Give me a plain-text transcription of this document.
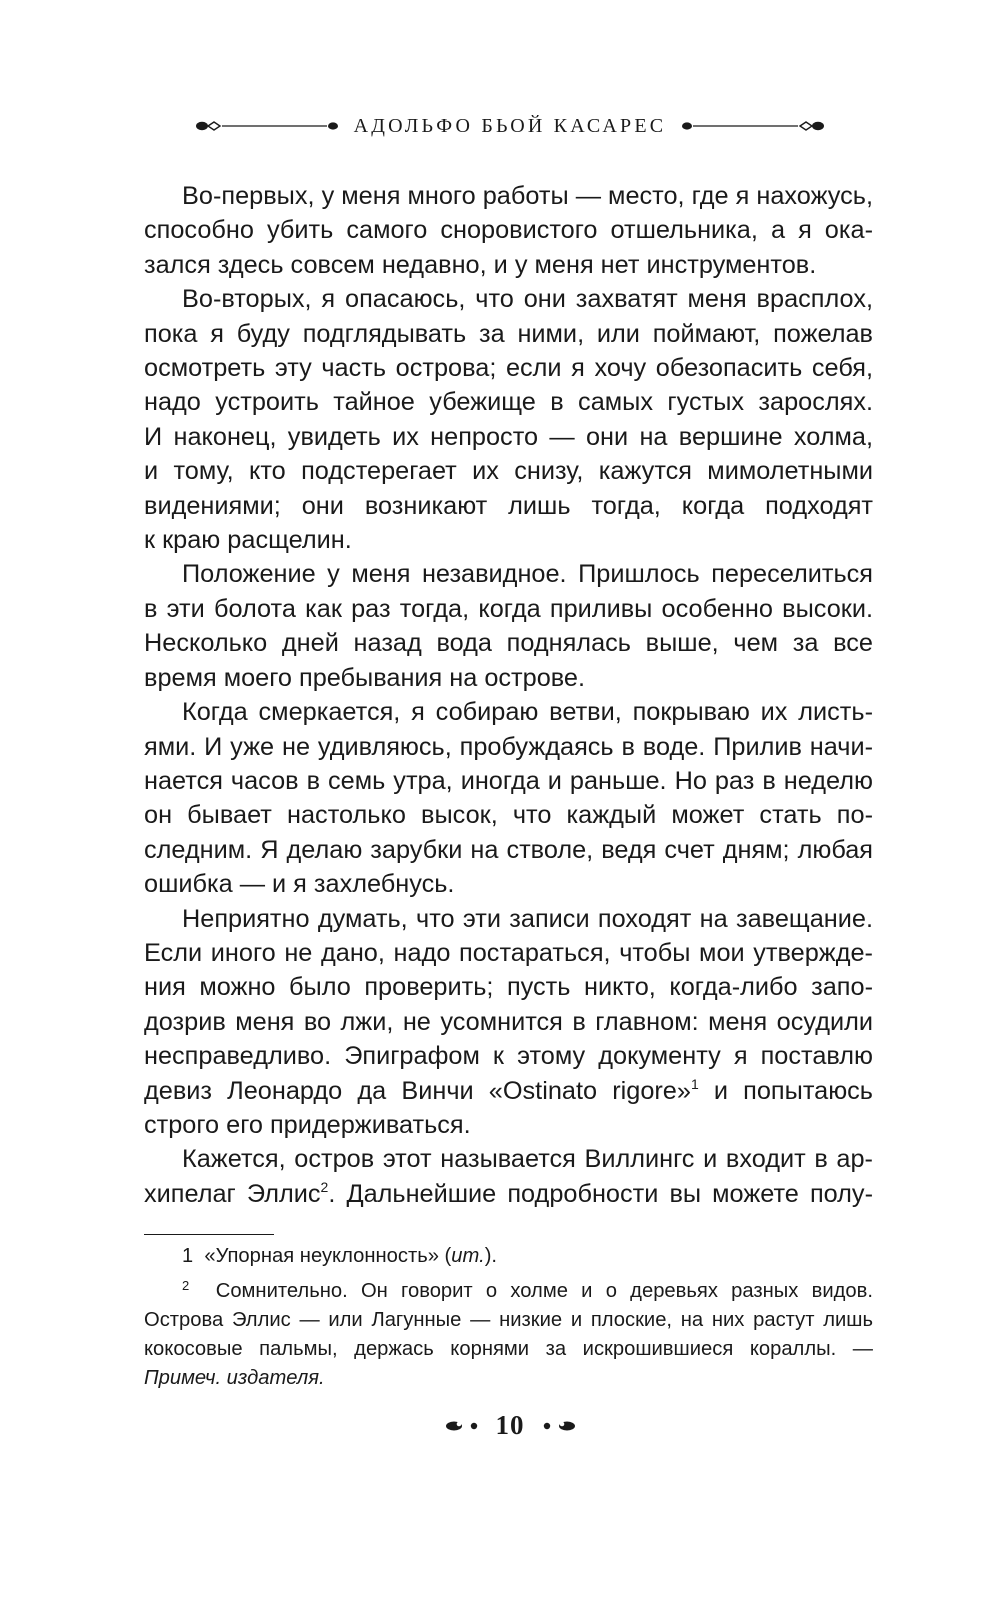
АДОЛЬФО БЬОЙ КАСАРЕС

Во-первых, у меня много работы — место, где я нахожусь,
способно убить самого сноровистого отшельника, а я ока-
зался здесь совсем недавно, и у меня нет инструментов.

Во-вторых, я опасаюсь, что они захватят меня врасплох,
пока я буду подглядывать за ними, или поймают, пожелав
осмотреть эту часть острова; если я хочу обезопасить себя,
надо устроить тайное убежище в самых густых зарослях.
И наконец, увидеть их непросто — они на вершине холма,
и тому, кто подстерегает их снизу, кажутся мимолетными
видениями; они возникают лишь тогда, когда подходят
к краю расщелин.

Положение у меня незавидное. Пришлось переселиться
в эти болота как раз тогда, когда приливы особенно высоки.
Несколько дней назад вода поднялась выше, чем за все
время моего пребывания на острове.

Когда смеркается, я собираю ветви, покрываю их листь-
ями. И уже не удивляюсь, пробуждаясь в воде. Прилив начи-
нается часов в семь утра, иногда и раньше. Но раз в неделю
он бывает настолько высок, что каждый может стать по-
следним. Я делаю зарубки на стволе, ведя счет дням; любая
ошибка — и я захлебнусь.

Неприятно думать, что эти записи походят на завещание.
Если иного не дано, надо постараться, чтобы мои утвержде-
ния можно было проверить; пусть никто, когда-либо запо-
дозрив меня во лжи, не усомнится в главном: меня осудили
несправедливо. Эпиграфом к этому документу я поставлю
девиз Леонардо да Винчи «Ostinato rigore»$^1$ и попытаюсь
строго его придерживаться.

Кажется, остров этот называется Виллингс и входит в ар-
хипелаг Эллис$^2$. Дальнейшие подробности вы можете полу-

1 «Упорная неуклонность» (ит.).
$^2$ Сомнительно. Он говорит о холме и о деревьях разных видов.
Острова Эллис — или Лагунные — низкие и плоские, на них растут лишь
кокосовые пальмы, держась корнями за искрошившиеся кораллы. —
Примеч. издателя.
10
